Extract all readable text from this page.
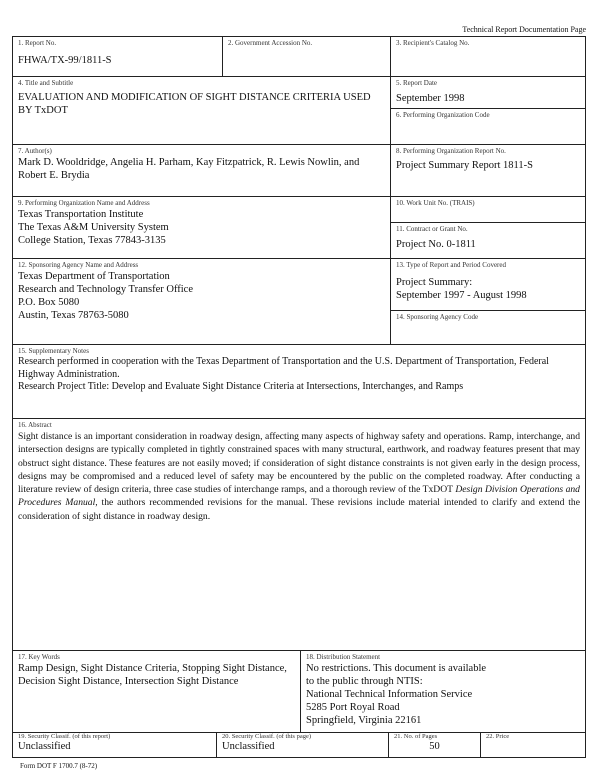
Technical Report Documentation Page
1. Report No.
FHWA/TX-99/1811-S
2. Government Accession No.	3. Recipient's Catalog No.
4. Title and Subtitle
EVALUATION AND MODIFICATION OF SIGHT DISTANCE CRITERIA USED BY TxDOT
5. Report Date
September 1998
6. Performing Organization Code
7. Author(s)
Mark D. Wooldridge, Angelia H. Parham, Kay Fitzpatrick, R. Lewis Nowlin, and Robert E. Brydia
8. Performing Organization Report No.
Project Summary Report 1811-S
9. Performing Organization Name and Address
Texas Transportation Institute
The Texas A&M University System
College Station, Texas 77843-3135
10. Work Unit No. (TRAIS)
11. Contract or Grant No.
Project No. 0-1811
12. Sponsoring Agency Name and Address
Texas Department of Transportation
Research and Technology Transfer Office
P.O. Box 5080
Austin, Texas 78763-5080
13. Type of Report and Period Covered
Project Summary:
September 1997 - August 1998
14. Sponsoring Agency Code
15. Supplementary Notes
Research performed in cooperation with the Texas Department of Transportation and the U.S. Department of Transportation, Federal Highway Administration.
Research Project Title: Develop and Evaluate Sight Distance Criteria at Intersections, Interchanges, and Ramps
16. Abstract
Sight distance is an important consideration in roadway design, affecting many aspects of highway safety and operations. Ramp, interchange, and intersection designs are typically completed in tightly constrained spaces with many structural, earthwork, and roadway features present that may obstruct sight distance. These features are not easily moved; if consideration of sight distance constraints is not given early in the design process, designs may be compromised and a reduced level of safety may be encountered by the public on the completed roadway. After conducting a literature review of design criteria, three case studies of interchange ramps, and a thorough review of the TxDOT Design Division Operations and Procedures Manual, the authors recommended revisions for the manual. These revisions include material intended to clarify and extend the consideration of sight distance in roadway design.
17. Key Words
Ramp Design, Sight Distance Criteria, Stopping Sight Distance, Decision Sight Distance, Intersection Sight Distance
18. Distribution Statement
No restrictions. This document is available
to the public through NTIS:
National Technical Information Service
5285 Port Royal Road
Springfield, Virginia 22161
19. Security Classif. (of this report)
Unclassified
20. Security Classif. (of this page)
Unclassified
21. No. of Pages
50
22. Price
Form DOT F 1700.7 (8-72)
